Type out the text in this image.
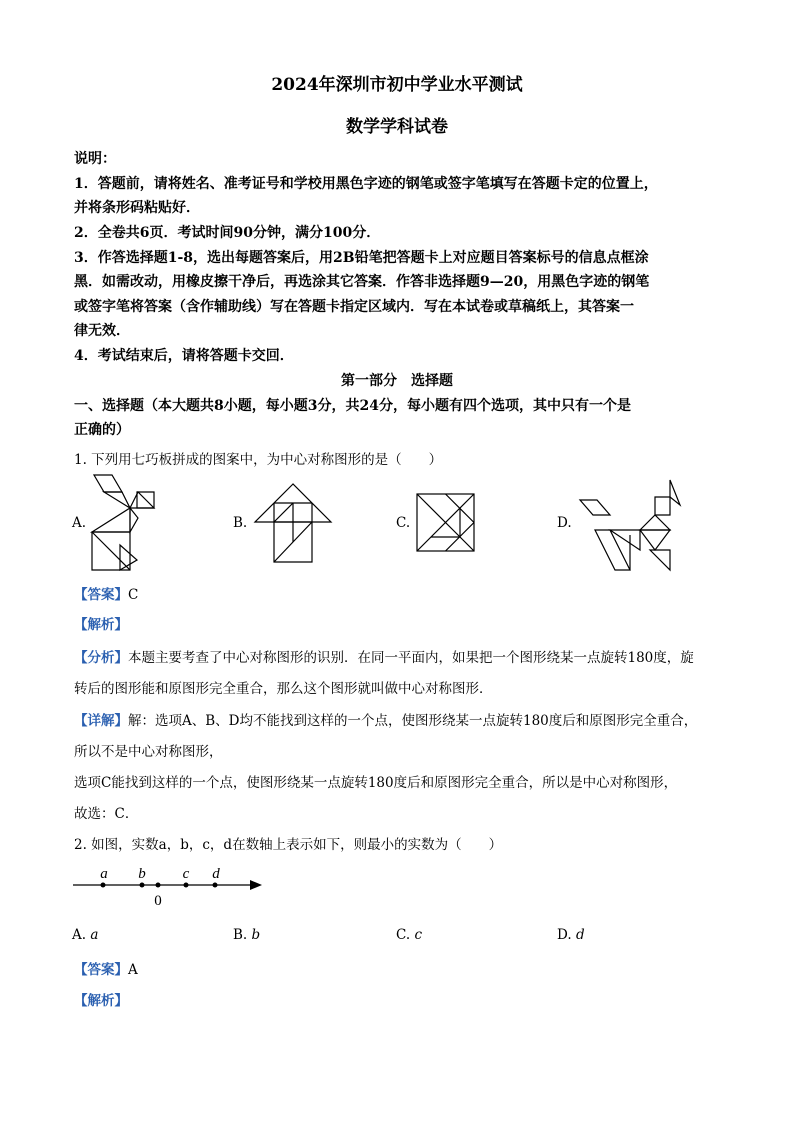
2024年深圳市初中学业水平测试
数学学科试卷
说明：
1．答题前，请将姓名、准考证号和学校用黑色字迹的钢笔或签字笔填写在答题卡定的位置上，
并将条形码粘贴好．
2．全卷共6页．考试时间90分钟，满分100分．
3．作答选择题1-8，选出每题答案后，用2B铅笔把答题卡上对应题目答案标号的信息点框涂
黑．如需改动，用橡皮擦干净后，再选涂其它答案．作答非选择题9—20，用黑色字迹的钢笔
或签字笔将答案（含作辅助线）写在答题卡指定区域内．写在本试卷或草稿纸上，其答案一
律无效．
4．考试结束后，请将答题卡交回．
第一部分　选择题
一、选择题（本大题共8小题，每小题3分，共24分，每小题有四个选项，其中只有一个是
正确的）
1. 下列用七巧板拼成的图案中，为中心对称图形的是（　　）
A.	B.	C.	D.
【答案】C
【解析】
【分析】本题主要考查了中心对称图形的识别．在同一平面内，如果把一个图形绕某一点旋转180度，旋
转后的图形能和原图形完全重合，那么这个图形就叫做中心对称图形．
【详解】解：选项A、B、D均不能找到这样的一个点，使图形绕某一点旋转180度后和原图形完全重合，
所以不是中心对称图形，
选项C能找到这样的一个点，使图形绕某一点旋转180度后和原图形完全重合，所以是中心对称图形，
故选：C．
2. 如图，实数a，b，c，d在数轴上表示如下，则最小的实数为（　　）
a b c d
0
A. a	B. b	C. c	D. d
【答案】A
【解析】
